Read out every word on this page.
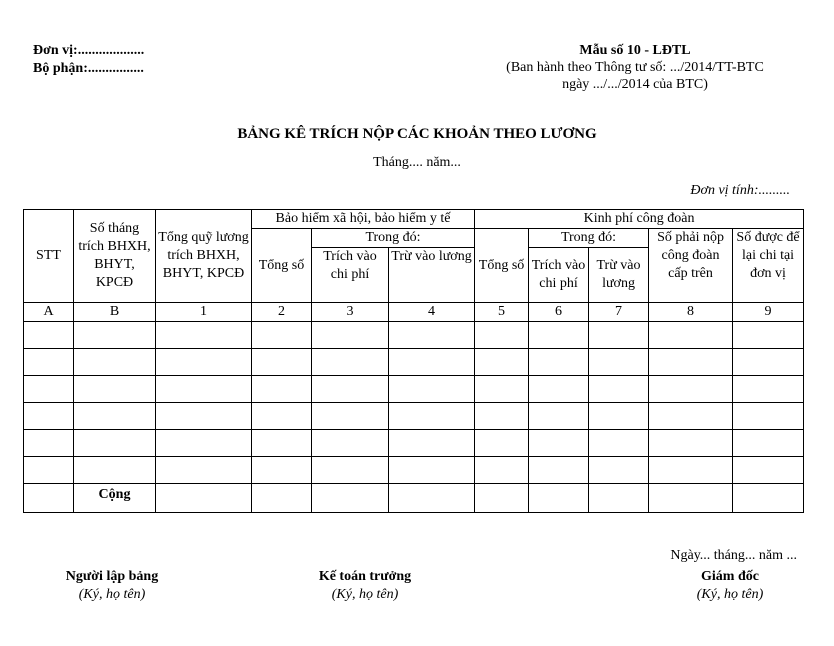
Đơn vị:...................
Bộ phận:................
Mẫu số 10 - LĐTL
(Ban hành theo Thông tư số: .../2014/TT-BTC
ngày .../.../2014 của BTC)
BẢNG KÊ TRÍCH NỘP CÁC KHOẢN THEO LƯƠNG
Tháng.... năm...
Đơn vị tính:.........
STT	Số tháng trích BHXH, BHYT, KPCĐ	Tổng quỹ lương trích BHXH, BHYT, KPCĐ	Bảo hiểm xã hội, bảo hiểm y tế			Kinh phí công đoàn				
			Tổng số	Trong đó:		Tổng số	Trong đó:		Số phải nộp công đoàn cấp trên	Số được để lại chi tại đơn vị
				Trích vào chi phí	Trừ vào lương		Trích vào chi phí	Trừ vào lương		
A	B	1	2	3	4	5	6	7	8	9

	Cộng									
Ngày... tháng... năm ...
Người lập bảng
(Ký, họ tên)
Kế toán trưởng
(Ký, họ tên)
Giám đốc
(Ký, họ tên)
